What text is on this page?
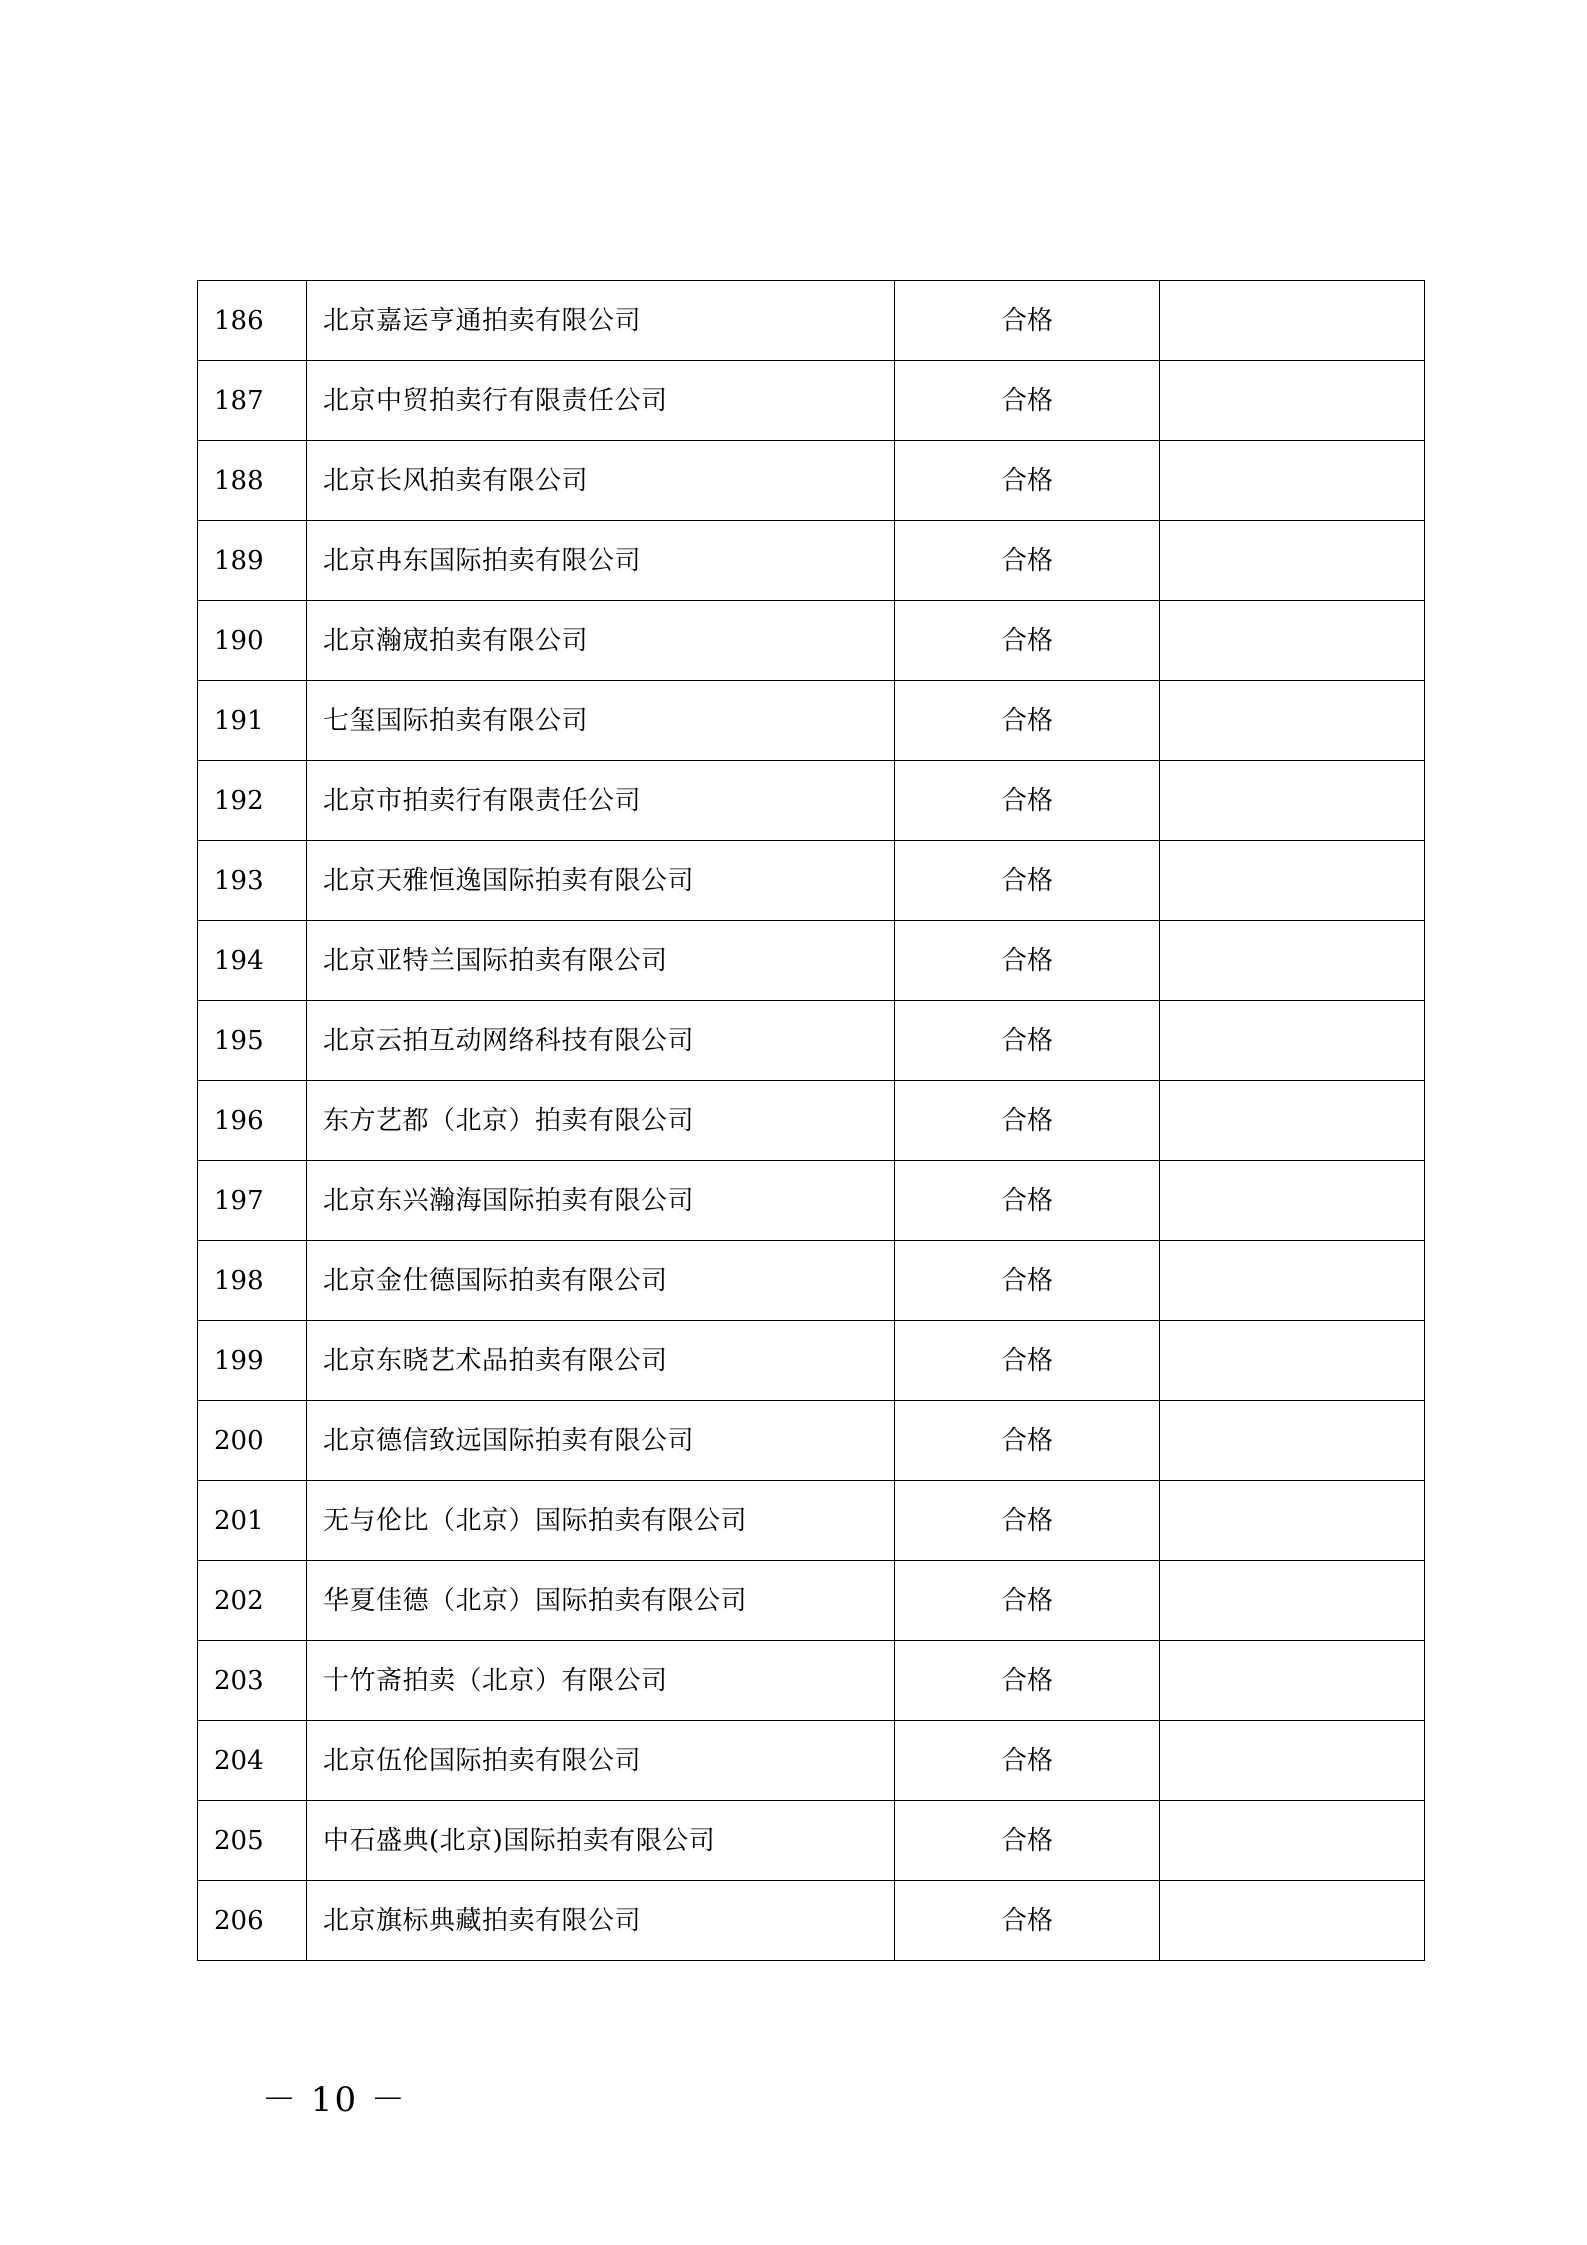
186	北京嘉运亨通拍卖有限公司	合格	
187	北京中贸拍卖行有限责任公司	合格	
188	北京长风拍卖有限公司	合格	
189	北京冉东国际拍卖有限公司	合格	
190	北京瀚宬拍卖有限公司	合格	
191	七玺国际拍卖有限公司	合格	
192	北京市拍卖行有限责任公司	合格	
193	北京天雅恒逸国际拍卖有限公司	合格	
194	北京亚特兰国际拍卖有限公司	合格	
195	北京云拍互动网络科技有限公司	合格	
196	东方艺都（北京）拍卖有限公司	合格	
197	北京东兴瀚海国际拍卖有限公司	合格	
198	北京金仕德国际拍卖有限公司	合格	
199	北京东晓艺术品拍卖有限公司	合格	
200	北京德信致远国际拍卖有限公司	合格	
201	无与伦比（北京）国际拍卖有限公司	合格	
202	华夏佳德（北京）国际拍卖有限公司	合格	
203	十竹斋拍卖（北京）有限公司	合格	
204	北京伍伦国际拍卖有限公司	合格	
205	中石盛典(北京)国际拍卖有限公司	合格	
206	北京旗标典藏拍卖有限公司	合格	
－ 10 －
